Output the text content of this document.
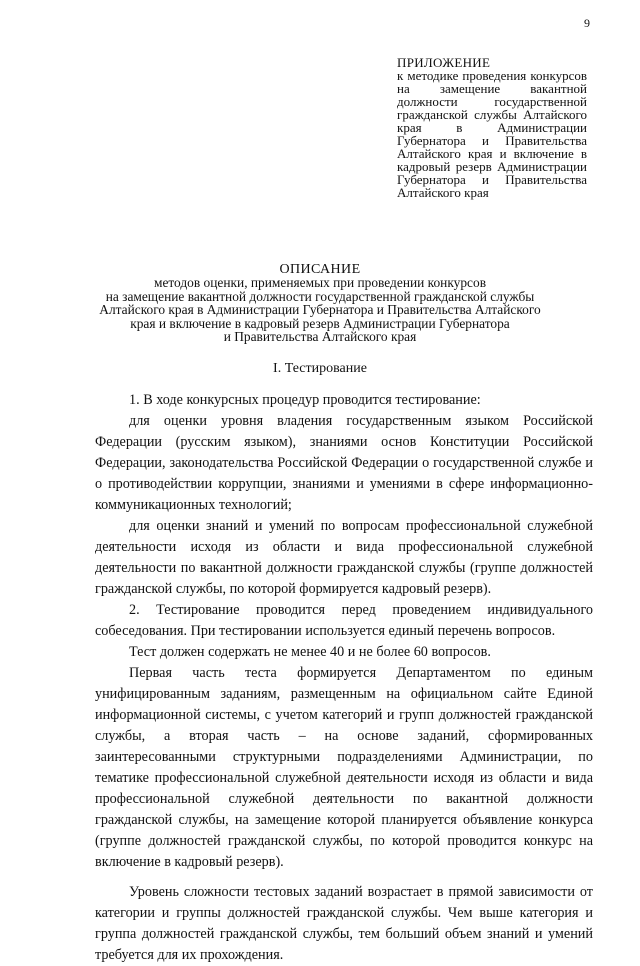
9
ПРИЛОЖЕНИЕ
к методике проведения конкурсов на замещение вакантной должности государственной гражданской службы Алтайского края в Администрации Губернатора и Правительства Алтайского края и включение в кадровый резерв Администрации Губернатора и Правительства Алтайского края
ОПИСАНИЕ
методов оценки, применяемых при проведении конкурсов
на замещение вакантной должности государственной гражданской службы
Алтайского края в Администрации Губернатора и Правительства Алтайского
края и включение в кадровый резерв Администрации Губернатора
и Правительства Алтайского края
I. Тестирование

1. В ходе конкурсных процедур проводится тестирование:

для оценки уровня владения государственным языком Российской Федерации (русским языком), знаниями основ Конституции Российской Федерации, законодательства Российской Федерации о государственной службе и о противодействии коррупции, знаниями и умениями в сфере информационно-коммуникационных технологий;

для оценки знаний и умений по вопросам профессиональной служебной деятельности исходя из области и вида профессиональной служебной деятельности по вакантной должности гражданской службы (группе должностей гражданской службы, по которой формируется кадровый резерв).

2. Тестирование проводится перед проведением индивидуального собеседования. При тестировании используется единый перечень вопросов.

Тест должен содержать не менее 40 и не более 60 вопросов.

Первая часть теста формируется Департаментом по единым унифицированным заданиям, размещенным на официальном сайте Единой информационной системы, с учетом категорий и групп должностей гражданской службы, а вторая часть – на основе заданий, сформированных заинтересованными структурными подразделениями Администрации, по тематике профессиональной служебной деятельности исходя из области и вида профессиональной служебной деятельности по вакантной должности гражданской службы, на замещение которой планируется объявление конкурса (группе должностей гражданской службы, по которой проводится конкурс на включение в кадровый резерв).

Уровень сложности тестовых заданий возрастает в прямой зависимости от категории и группы должностей гражданской службы. Чем выше категория и группа должностей гражданской службы, тем больший объем знаний и умений требуется для их прохождения.
